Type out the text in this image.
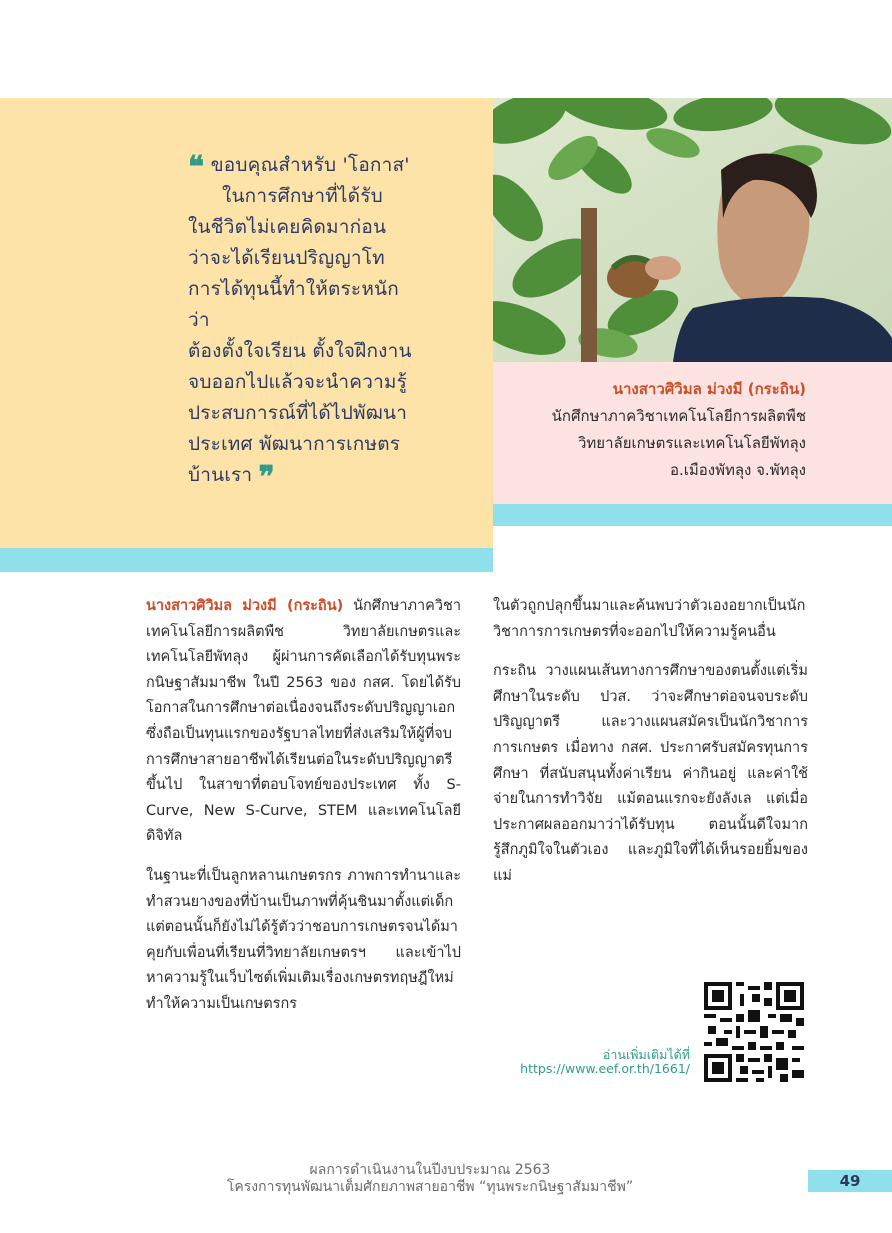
❝ ขอบคุณสำหรับ 'โอกาส'
ในการศึกษาที่ได้รับ
ในชีวิตไม่เคยคิดมาก่อน
ว่าจะได้เรียนปริญญาโท
การได้ทุนนี้ทำให้ตระหนักว่า
ต้องตั้งใจเรียน ตั้งใจฝึกงาน
จบออกไปแล้วจะนำความรู้
ประสบการณ์ที่ได้ไปพัฒนา
ประเทศ พัฒนาการเกษตร
บ้านเรา ❞
นางสาวศิวิมล ม่วงมี (กระถิน)
นักศึกษาภาควิชาเทคโนโลยีการผลิตพืช
วิทยาลัยเกษตรและเทคโนโลยีพัทลุง
อ.เมืองพัทลุง จ.พัทลุง

นางสาวศิวิมล ม่วงมี (กระถิน) นักศึกษาภาควิชาเทคโนโลยีการผลิตพืช วิทยาลัยเกษตรและเทคโนโลยีพัทลุง ผู้ผ่านการคัดเลือกได้รับทุนพระกนิษฐาสัมมาชีพ ในปี 2563 ของ กสศ. โดยได้รับโอกาสในการศึกษาต่อเนื่องจนถึงระดับปริญญาเอก ซึ่งถือเป็นทุนแรกของรัฐบาลไทยที่ส่งเสริมให้ผู้ที่จบการศึกษาสายอาชีพได้เรียนต่อในระดับปริญญาตรีขึ้นไป ในสาขาที่ตอบโจทย์ของประเทศ ทั้ง S-Curve, New S-Curve, STEM และเทคโนโลยีดิจิทัล

ในฐานะที่เป็นลูกหลานเกษตรกร ภาพการทำนาและทำสวนยางของที่บ้านเป็นภาพที่คุ้นชินมาตั้งแต่เด็ก แต่ตอนนั้นก็ยังไม่ได้รู้ตัวว่าชอบการเกษตรจนได้มาคุยกับเพื่อนที่เรียนที่วิทยาลัยเกษตรฯ และเข้าไปหาความรู้ในเว็บไซต์เพิ่มเติมเรื่องเกษตรทฤษฎีใหม่ ทำให้ความเป็นเกษตรกร

ในตัวถูกปลุกขึ้นมาและค้นพบว่าตัวเองอยากเป็นนักวิชาการการเกษตรที่จะออกไปให้ความรู้คนอื่น

กระถิน วางแผนเส้นทางการศึกษาของตนตั้งแต่เริ่มศึกษาในระดับ ปวส. ว่าจะศึกษาต่อจนจบระดับปริญญาตรี และวางแผนสมัครเป็นนักวิชาการการเกษตร เมื่อทาง กสศ. ประกาศรับสมัครทุนการศึกษา ที่สนับสนุนทั้งค่าเรียน ค่ากินอยู่ และค่าใช้จ่ายในการทำวิจัย แม้ตอนแรกจะยังลังเล แต่เมื่อประกาศผลออกมาว่าได้รับทุน ตอนนั้นดีใจมาก รู้สึกภูมิใจในตัวเอง และภูมิใจที่ได้เห็นรอยยิ้มของแม่

อ่านเพิ่มเติมได้ที่
https://www.eef.or.th/1661/
ผลการดำเนินงานในปีงบประมาณ 2563
โครงการทุนพัฒนาเต็มศักยภาพสายอาชีพ “ทุนพระกนิษฐาสัมมาชีพ”	49
